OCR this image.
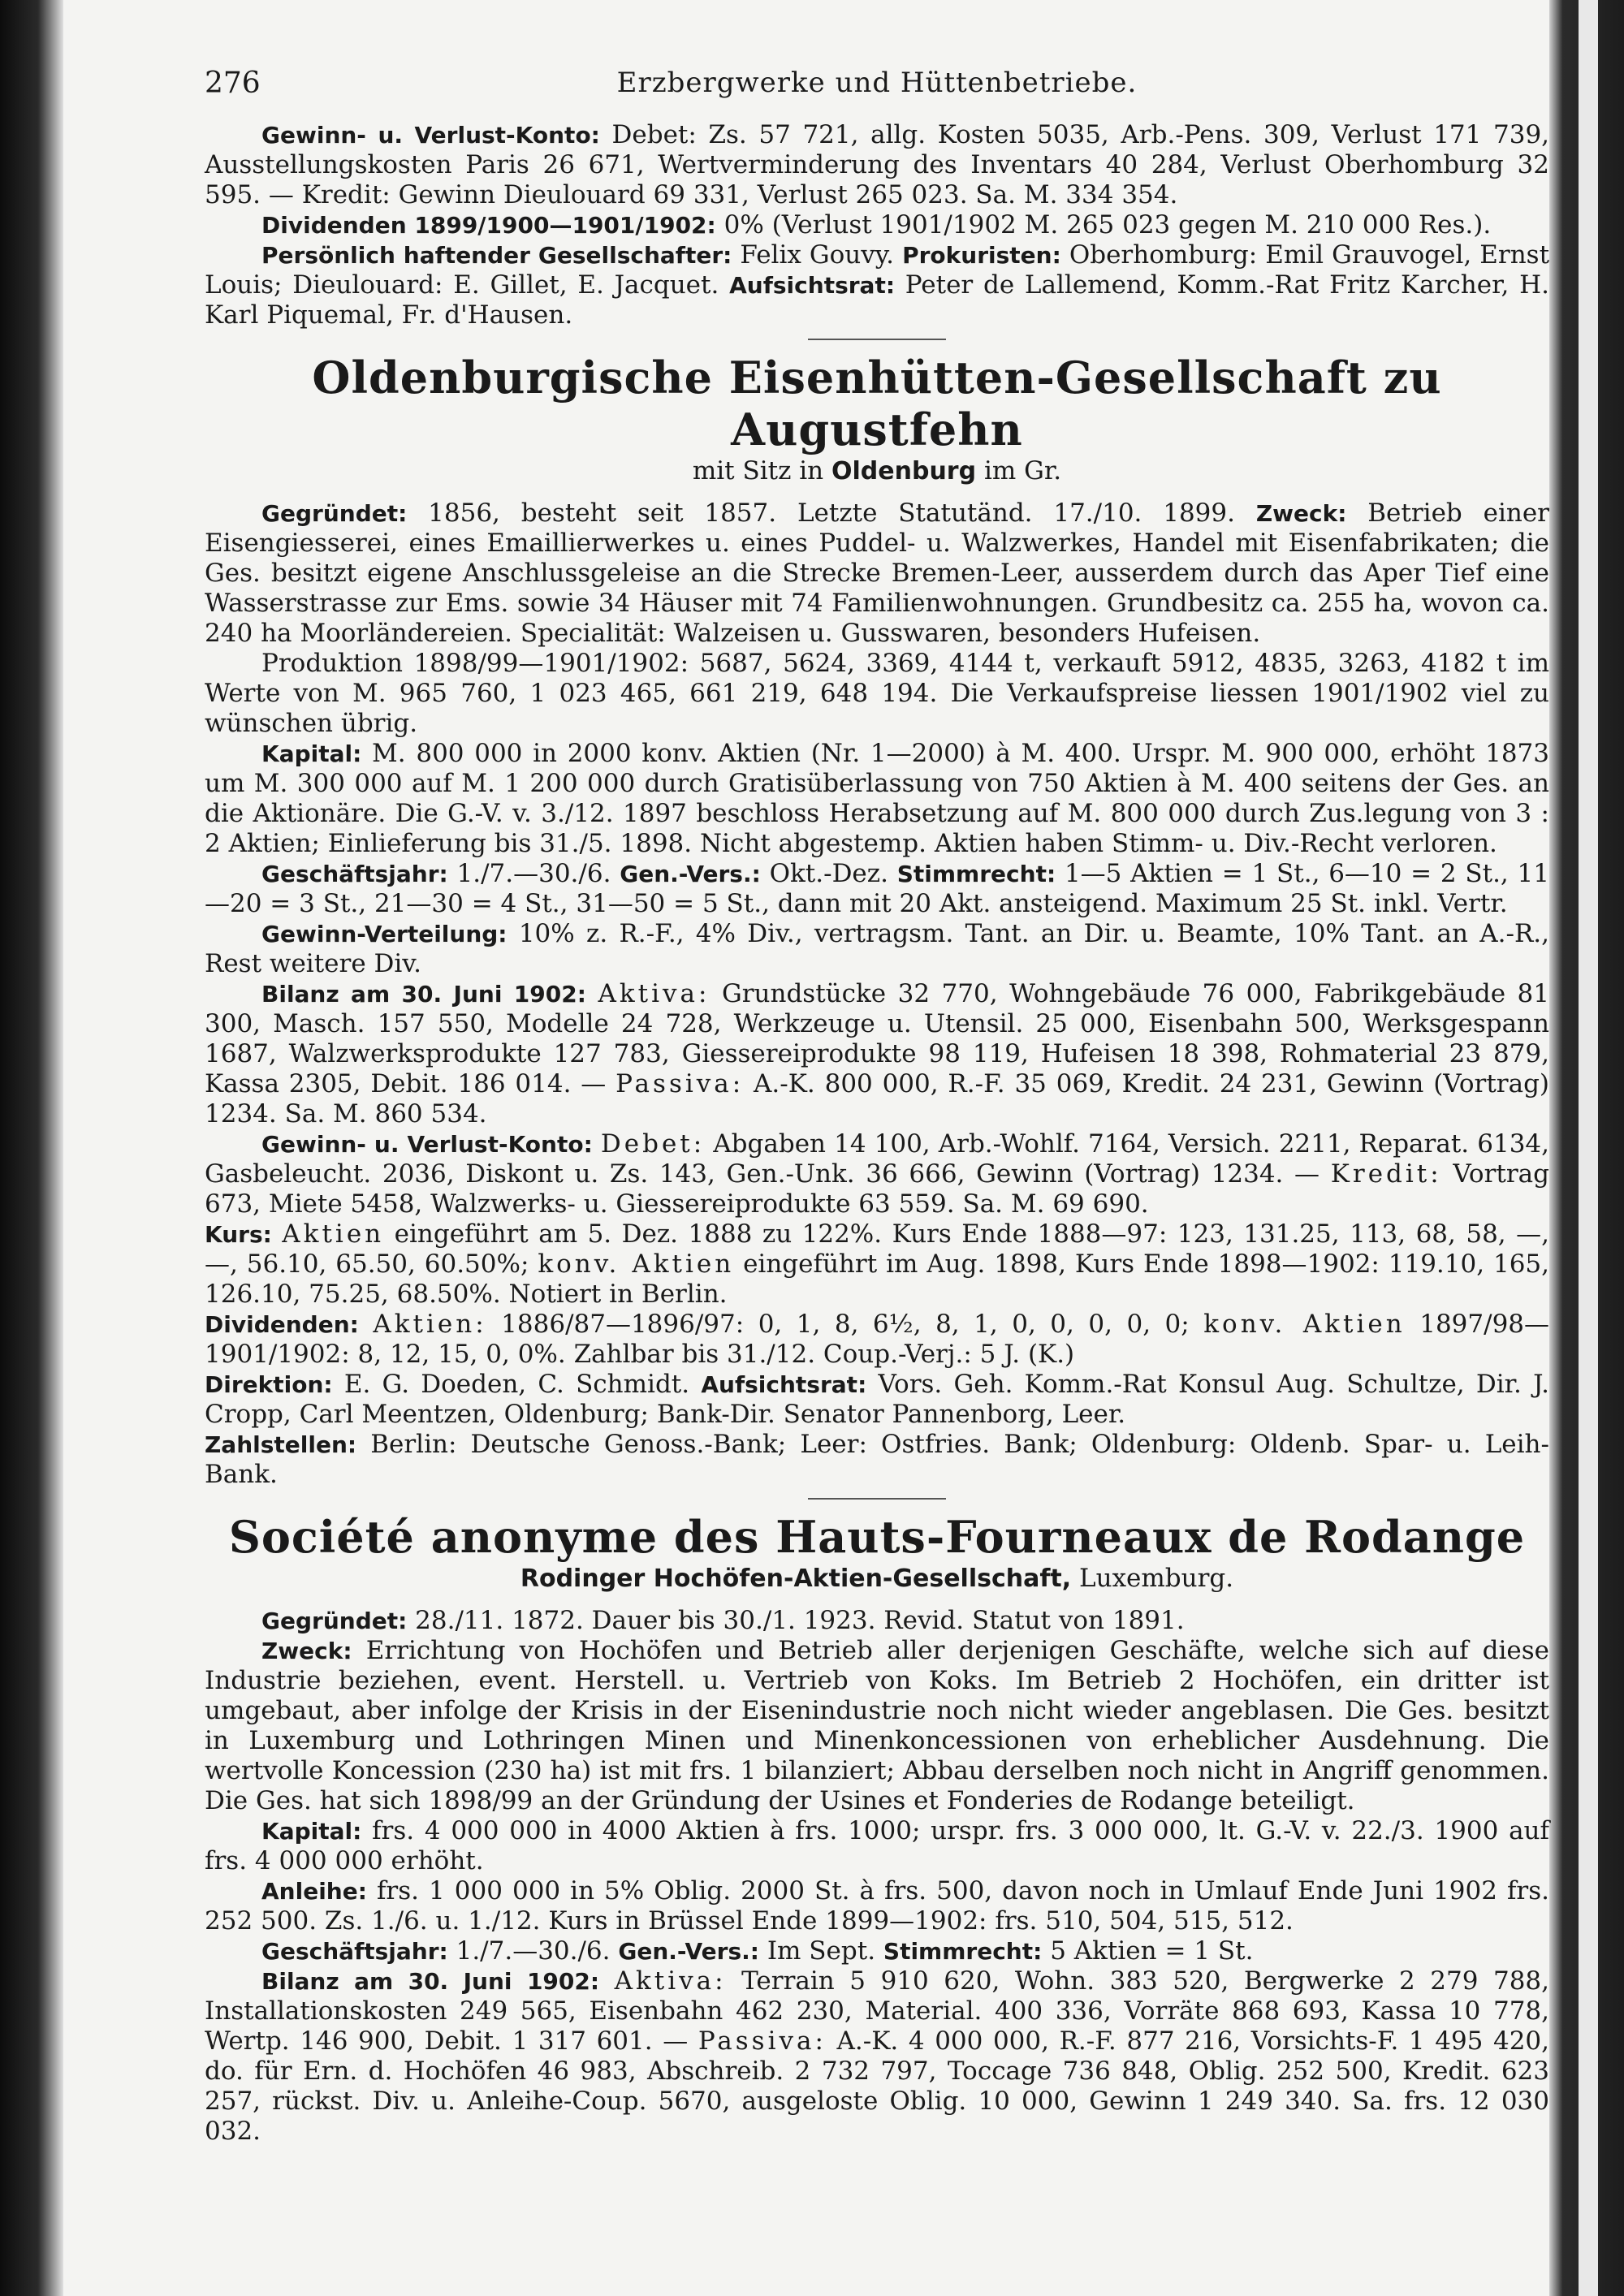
276	Erzbergwerke und Hüttenbetriebe.

Gewinn- u. Verlust-Konto: Debet: Zs. 57 721, allg. Kosten 5035, Arb.-Pens. 309, Verlust 171 739, Ausstellungskosten Paris 26 671, Wertverminderung des Inventars 40 284, Verlust Oberhomburg 32 595. — Kredit: Gewinn Dieulouard 69 331, Verlust 265 023. Sa. M. 334 354.

Dividenden 1899/1900—1901/1902: 0% (Verlust 1901/1902 M. 265 023 gegen M. 210 000 Res.).

Persönlich haftender Gesellschafter: Felix Gouvy. Prokuristen: Oberhomburg: Emil Grauvogel, Ernst Louis; Dieulouard: E. Gillet, E. Jacquet. Aufsichtsrat: Peter de Lallemend, Komm.-Rat Fritz Karcher, H. Karl Piquemal, Fr. d'Hausen.

Oldenburgische Eisenhütten-Gesellschaft zu Augustfehn
mit Sitz in Oldenburg im Gr.

Gegründet: 1856, besteht seit 1857. Letzte Statutänd. 17./10. 1899. Zweck: Betrieb einer Eisengiesserei, eines Emaillierwerkes u. eines Puddel- u. Walzwerkes, Handel mit Eisenfabrikaten; die Ges. besitzt eigene Anschlussgeleise an die Strecke Bremen-Leer, ausserdem durch das Aper Tief eine Wasserstrasse zur Ems. sowie 34 Häuser mit 74 Familienwohnungen. Grundbesitz ca. 255 ha, wovon ca. 240 ha Moorländereien. Specialität: Walzeisen u. Gusswaren, besonders Hufeisen.

Produktion 1898/99—1901/1902: 5687, 5624, 3369, 4144 t, verkauft 5912, 4835, 3263, 4182 t im Werte von M. 965 760, 1 023 465, 661 219, 648 194. Die Verkaufspreise liessen 1901/1902 viel zu wünschen übrig.

Kapital: M. 800 000 in 2000 konv. Aktien (Nr. 1—2000) à M. 400. Urspr. M. 900 000, erhöht 1873 um M. 300 000 auf M. 1 200 000 durch Gratisüberlassung von 750 Aktien à M. 400 seitens der Ges. an die Aktionäre. Die G.-V. v. 3./12. 1897 beschloss Herabsetzung auf M. 800 000 durch Zus.legung von 3 : 2 Aktien; Einlieferung bis 31./5. 1898. Nicht abgestemp. Aktien haben Stimm- u. Div.-Recht verloren.

Geschäftsjahr: 1./7.—30./6. Gen.-Vers.: Okt.-Dez. Stimmrecht: 1—5 Aktien = 1 St., 6—10 = 2 St., 11—20 = 3 St., 21—30 = 4 St., 31—50 = 5 St., dann mit 20 Akt. ansteigend. Maximum 25 St. inkl. Vertr.

Gewinn-Verteilung: 10% z. R.-F., 4% Div., vertragsm. Tant. an Dir. u. Beamte, 10% Tant. an A.-R., Rest weitere Div.

Bilanz am 30. Juni 1902: Aktiva: Grundstücke 32 770, Wohngebäude 76 000, Fabrikgebäude 81 300, Masch. 157 550, Modelle 24 728, Werkzeuge u. Utensil. 25 000, Eisenbahn 500, Werksgespann 1687, Walzwerksprodukte 127 783, Giessereiprodukte 98 119, Hufeisen 18 398, Rohmaterial 23 879, Kassa 2305, Debit. 186 014. — Passiva: A.-K. 800 000, R.-F. 35 069, Kredit. 24 231, Gewinn (Vortrag) 1234. Sa. M. 860 534.

Gewinn- u. Verlust-Konto: Debet: Abgaben 14 100, Arb.-Wohlf. 7164, Versich. 2211, Reparat. 6134, Gasbeleucht. 2036, Diskont u. Zs. 143, Gen.-Unk. 36 666, Gewinn (Vortrag) 1234. — Kredit: Vortrag 673, Miete 5458, Walzwerks- u. Giessereiprodukte 63 559. Sa. M. 69 690.

Kurs: Aktien eingeführt am 5. Dez. 1888 zu 122%. Kurs Ende 1888—97: 123, 131.25, 113, 68, 58, —, —, 56.10, 65.50, 60.50%; konv. Aktien eingeführt im Aug. 1898, Kurs Ende 1898—1902: 119.10, 165, 126.10, 75.25, 68.50%. Notiert in Berlin.

Dividenden: Aktien: 1886/87—1896/97: 0, 1, 8, 6½, 8, 1, 0, 0, 0, 0, 0; konv. Aktien 1897/98—1901/1902: 8, 12, 15, 0, 0%. Zahlbar bis 31./12. Coup.-Verj.: 5 J. (K.)

Direktion: E. G. Doeden, C. Schmidt. Aufsichtsrat: Vors. Geh. Komm.-Rat Konsul Aug. Schultze, Dir. J. Cropp, Carl Meentzen, Oldenburg; Bank-Dir. Senator Pannenborg, Leer.

Zahlstellen: Berlin: Deutsche Genoss.-Bank; Leer: Ostfries. Bank; Oldenburg: Oldenb. Spar- u. Leih-Bank.

Société anonyme des Hauts-Fourneaux de Rodange
Rodinger Hochöfen-Aktien-Gesellschaft, Luxemburg.

Gegründet: 28./11. 1872. Dauer bis 30./1. 1923. Revid. Statut von 1891.

Zweck: Errichtung von Hochöfen und Betrieb aller derjenigen Geschäfte, welche sich auf diese Industrie beziehen, event. Herstell. u. Vertrieb von Koks. Im Betrieb 2 Hochöfen, ein dritter ist umgebaut, aber infolge der Krisis in der Eisenindustrie noch nicht wieder angeblasen. Die Ges. besitzt in Luxemburg und Lothringen Minen und Minenkoncessionen von erheblicher Ausdehnung. Die wertvolle Koncession (230 ha) ist mit frs. 1 bilanziert; Abbau derselben noch nicht in Angriff genommen. Die Ges. hat sich 1898/99 an der Gründung der Usines et Fonderies de Rodange beteiligt.

Kapital: frs. 4 000 000 in 4000 Aktien à frs. 1000; urspr. frs. 3 000 000, lt. G.-V. v. 22./3. 1900 auf frs. 4 000 000 erhöht.

Anleihe: frs. 1 000 000 in 5% Oblig. 2000 St. à frs. 500, davon noch in Umlauf Ende Juni 1902 frs. 252 500. Zs. 1./6. u. 1./12. Kurs in Brüssel Ende 1899—1902: frs. 510, 504, 515, 512.

Geschäftsjahr: 1./7.—30./6. Gen.-Vers.: Im Sept. Stimmrecht: 5 Aktien = 1 St.

Bilanz am 30. Juni 1902: Aktiva: Terrain 5 910 620, Wohn. 383 520, Bergwerke 2 279 788, Installationskosten 249 565, Eisenbahn 462 230, Material. 400 336, Vorräte 868 693, Kassa 10 778, Wertp. 146 900, Debit. 1 317 601. — Passiva: A.-K. 4 000 000, R.-F. 877 216, Vorsichts-F. 1 495 420, do. für Ern. d. Hochöfen 46 983, Abschreib. 2 732 797, Toccage 736 848, Oblig. 252 500, Kredit. 623 257, rückst. Div. u. Anleihe-Coup. 5670, ausgeloste Oblig. 10 000, Gewinn 1 249 340. Sa. frs. 12 030 032.
